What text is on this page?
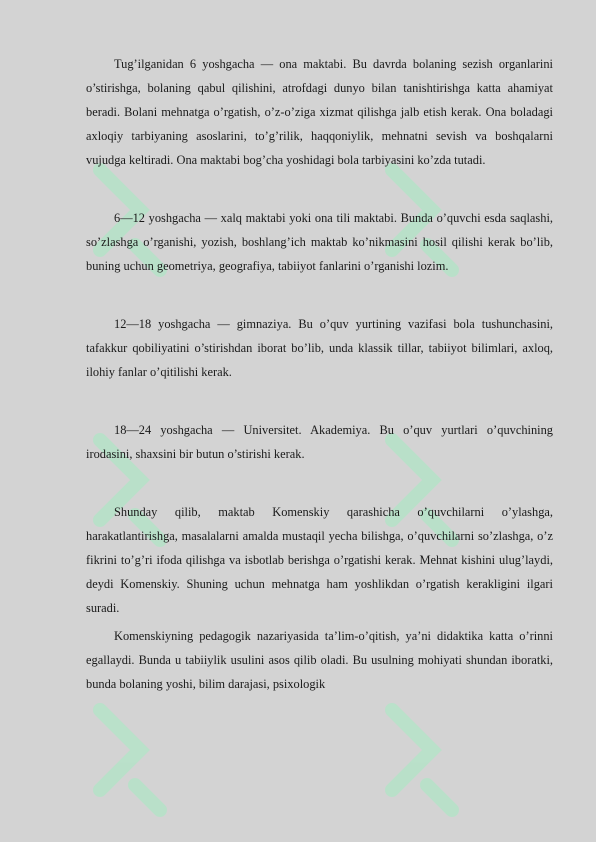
Tug’ilganidan 6 yoshgacha — ona maktabi. Bu davrda bolaning sezish organlarini o’stirishga, bolaning qabul qilishini, atrofdagi dunyo bilan tanishtirishga katta ahamiyat beradi. Bolani mehnatga o’rgatish, o’z-o’ziga xizmat qilishga jalb etish kerak. Ona boladagi axloqiy tarbiyaning asoslarini, to’g’rilik, haqqoniylik, mehnatni sevish va boshqalarni vujudga keltiradi. Ona maktabi bog’cha yoshidagi bola tarbiyasini ko’zda tutadi.

6—12 yoshgacha — xalq maktabi yoki ona tili maktabi. Bunda o’quvchi esda saqlashi, so’zlashga o’rganishi, yozish, boshlang’ich maktab ko’nikmasini hosil qilishi kerak bo’lib, buning uchun geometriya, geografiya, tabiiyot fanlarini o’rganishi lozim.

12—18 yoshgacha — gimnaziya. Bu o’quv yurtining vazifasi bola tushunchasini, tafakkur qobiliyatini o’stirishdan iborat bo’lib, unda klassik tillar, tabiiyot bilimlari, axloq, ilohiy fanlar o’qitilishi kerak.

18—24 yoshgacha — Universitet. Akademiya. Bu o’quv yurtlari o’quvchining irodasini, shaxsini bir butun o’stirishi kerak.

Shunday qilib, maktab Komenskiy qarashicha o’quvchilarni o’ylashga, harakatlantirishga, masalalarni amalda mustaqil yecha bilishga, o’quvchilarni so’zlashga, o’z fikrini to’g’ri ifoda qilishga va isbotlab berishga o’rgatishi kerak. Mehnat kishini ulug’laydi, deydi Komenskiy. Shuning uchun mehnatga ham yoshlikdan o’rgatish kerakligini ilgari suradi.

Komenskiyning pedagogik nazariyasida ta’lim-o’qitish, ya’ni didaktika katta o’rinni egallaydi. Bunda u tabiiylik usulini asos qilib oladi. Bu usulning mohiyati shundan iboratki, bunda bolaning yoshi, bilim darajasi, psixologik
